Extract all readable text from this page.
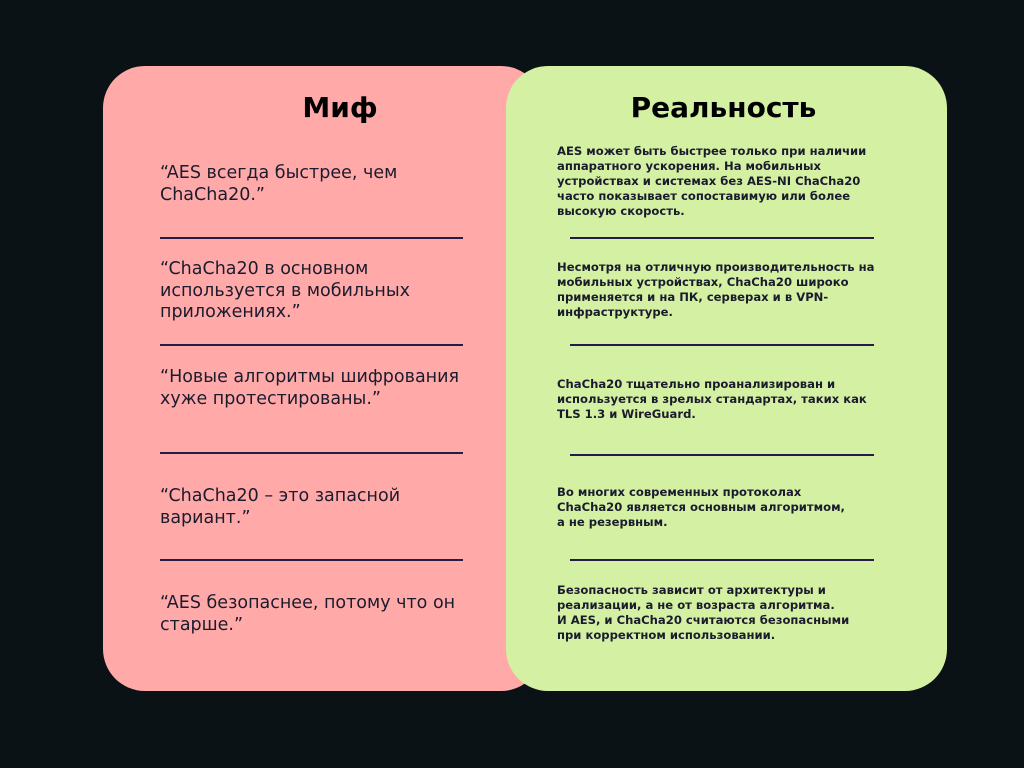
Миф	Реальность

“AES всегда быстрее, чем ChaCha20.”

“ChaCha20 в основном используется в мобильных приложениях.”

“Новые алгоритмы шифрования хуже протестированы.”

“ChaCha20 – это запасной вариант.”

“AES безопаснее, потому что он старше.”

AES может быть быстрее только при наличии
аппаратного ускорения. На мобильных
устройствах и системах без AES-NI ChaCha20
часто показывает сопоставимую или более
высокую скорость.

Несмотря на отличную производительность на
мобильных устройствах, ChaCha20 широко
применяется и на ПК, серверах и в VPN-
инфраструктуре.

ChaCha20 тщательно проанализирован и
используется в зрелых стандартах, таких как
TLS 1.3 и WireGuard.

Во многих современных протоколах
ChaCha20 является основным алгоритмом,
а не резервным.

Безопасность зависит от архитектуры и
реализации, а не от возраста алгоритма.
И AES, и ChaCha20 считаются безопасными
при корректном использовании.
